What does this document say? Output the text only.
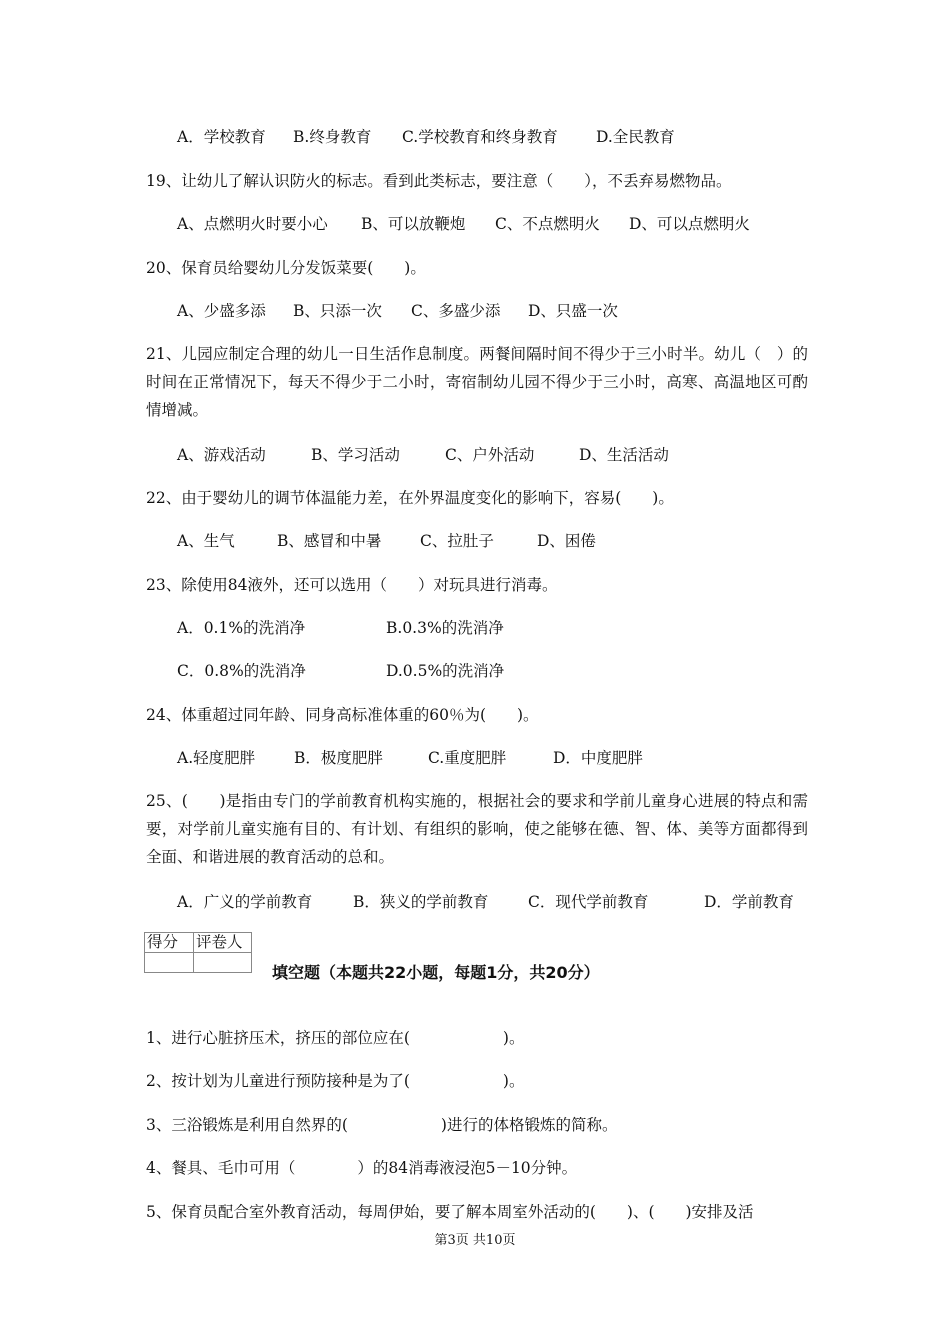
A．学校教育

B.终身教育

C.学校教育和终身教育

D.全民教育

19、让幼儿了解认识防火的标志。看到此类标志，要注意（　　），不丢弃易燃物品。

A、点燃明火时要小心

B、可以放鞭炮

C、不点燃明火

D、可以点燃明火

20、保育员给婴幼儿分发饭菜要(　　)。

A、少盛多添

B、只添一次

C、多盛少添

D、只盛一次

21、儿园应制定合理的幼儿一日生活作息制度。两餐间隔时间不得少于三小时半。幼儿（　）的时间在正常情况下，每天不得少于二小时，寄宿制幼儿园不得少于三小时，高寒、高温地区可酌情增减。

A、游戏活动

	B、学习活动

	C、户外活动

	D、生活活动

22、由于婴幼儿的调节体温能力差，在外界温度变化的影响下，容易(　　)。

A、生气

	B、感冒和中暑

C、拉肚子

	D、困倦

23、除使用84液外，还可以选用（　　）对玩具进行消毒。

A．0.1%的洗消净

	B.0.3%的洗消净

C．0.8%的洗消净

	D.0.5%的洗消净

24、体重超过同年龄、同身高标准体重的60％为(　　)。

A.轻度肥胖

	B．极度肥胖

	C.重度肥胖

	D．中度肥胖

25、(　　)是指由专门的学前教育机构实施的，根据社会的要求和学前儿童身心进展的特点和需要，对学前儿童实施有目的、有计划、有组织的影响，使之能够在德、智、体、美等方面都得到全面、和谐进展的教育活动的总和。

A．广义的学前教育

	B．狭义的学前教育

	C．现代学前教育

	D．学前教育

得分	评卷人

填空题（本题共22小题，每题1分，共20分）
1、进行心脏挤压术，挤压的部位应在(　　　　　　)。
2、按计划为儿童进行预防接种是为了(　　　　　　)。
3、三浴锻炼是利用自然界的(　　　　　　)进行的体格锻炼的简称。
4、餐具、毛巾可用（　　　　）的84消毒液浸泡5－10分钟。
5、保育员配合室外教育活动，每周伊始，要了解本周室外活动的(　　)、(　　)安排及活
第3页 共10页
